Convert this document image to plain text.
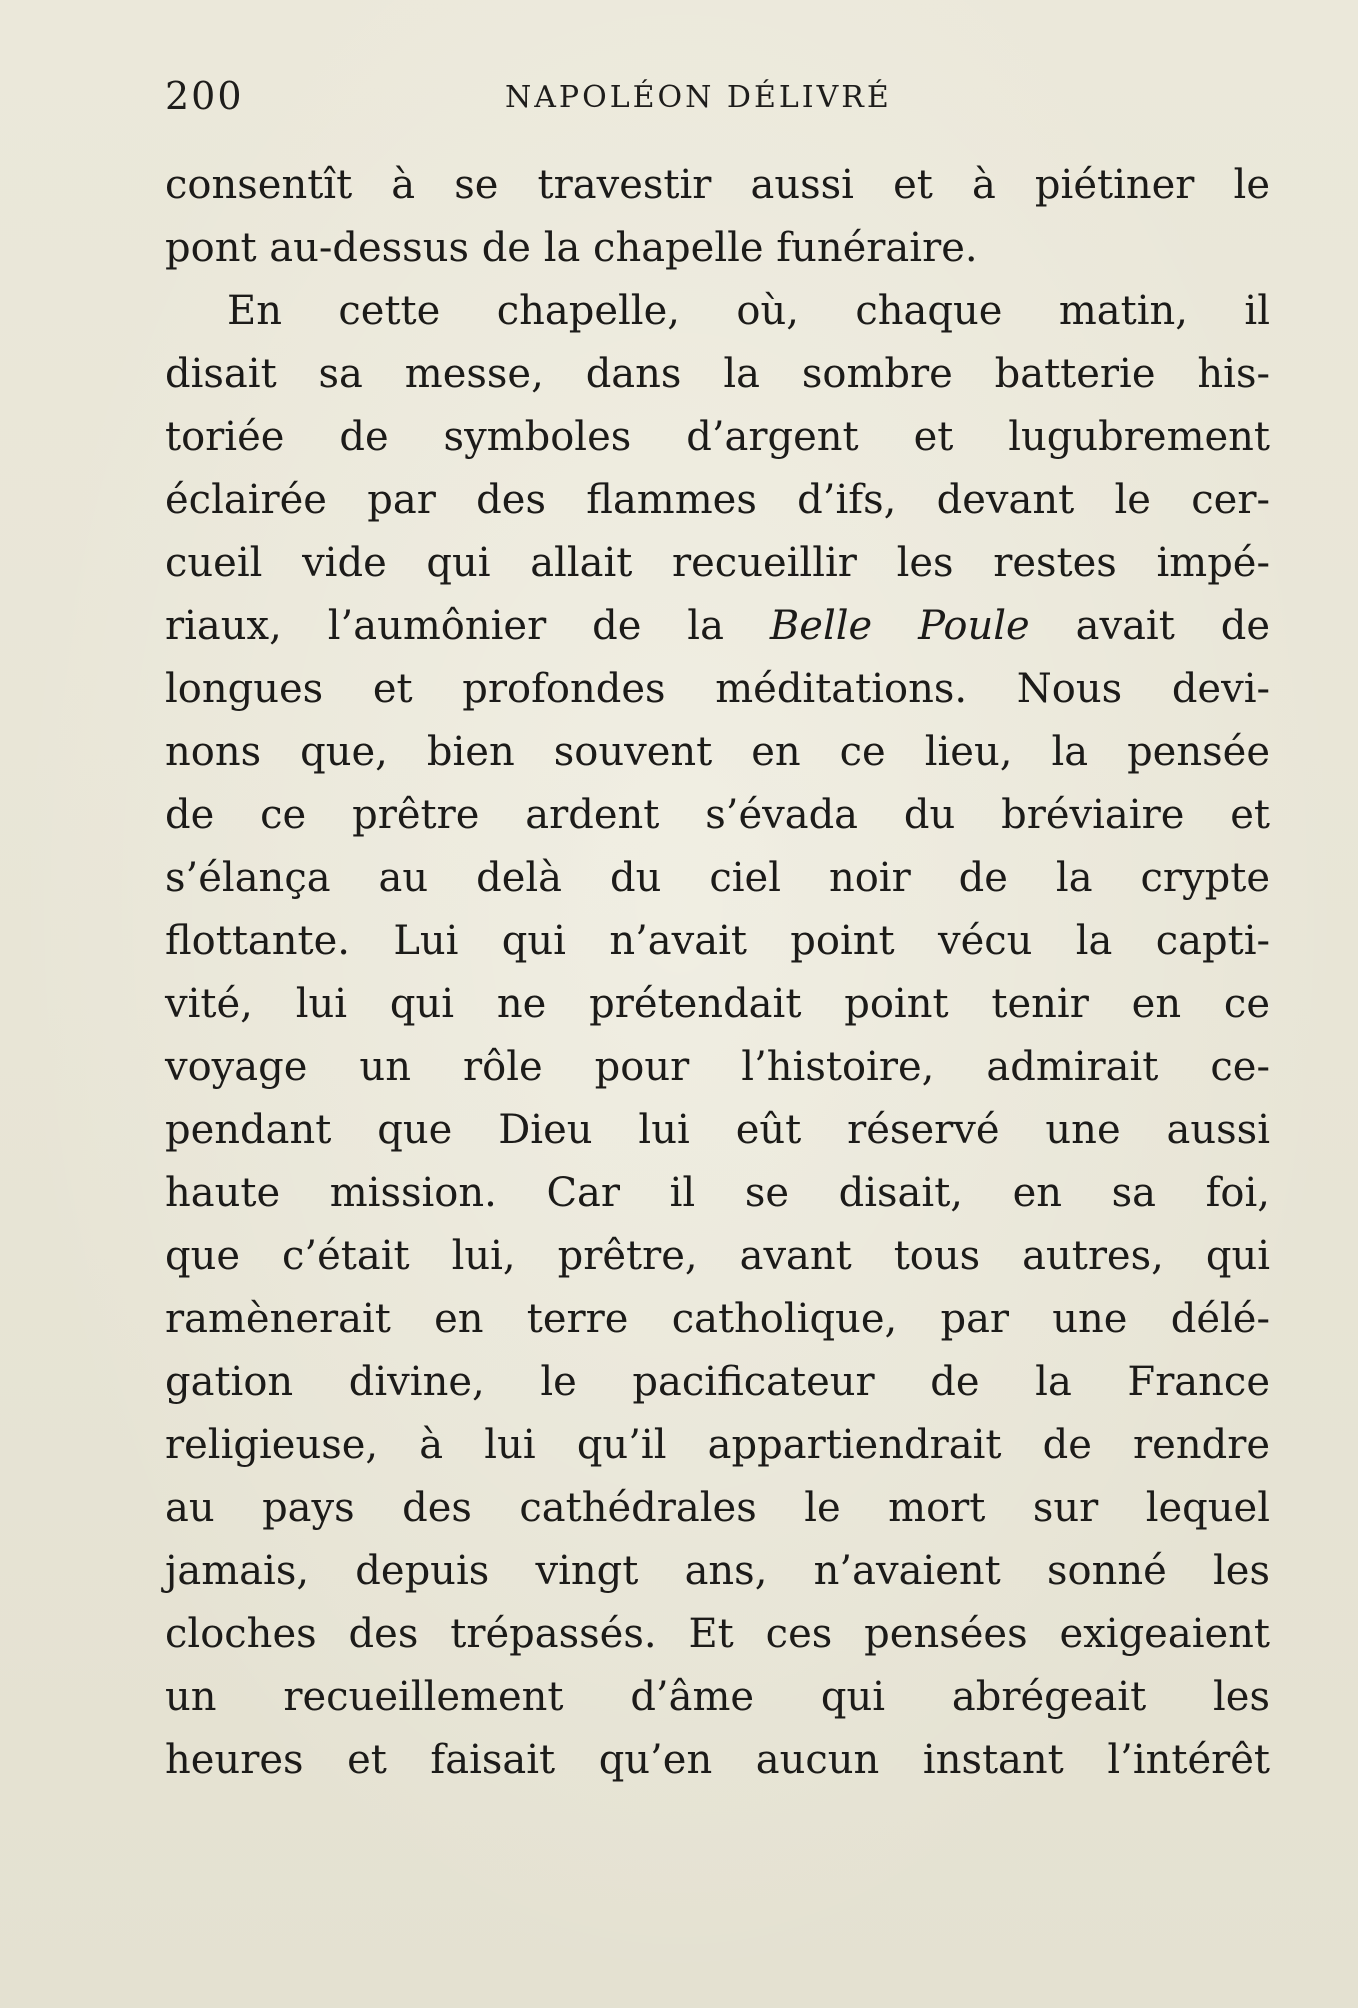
200	NAPOLÉON DÉLIVRÉ
consentît à se travestir aussi et à piétiner le
pont au-dessus de la chapelle funéraire.
En cette chapelle, où, chaque matin, il
disait sa messe, dans la sombre batterie his-
toriée de symboles d’argent et lugubrement
éclairée par des flammes d’ifs, devant le cer-
cueil vide qui allait recueillir les restes impé-
riaux, l’aumônier de la Belle Poule avait de
longues et profondes méditations. Nous devi-
nons que, bien souvent en ce lieu, la pensée
de ce prêtre ardent s’évada du bréviaire et
s’élança au delà du ciel noir de la crypte
flottante. Lui qui n’avait point vécu la capti-
vité, lui qui ne prétendait point tenir en ce
voyage un rôle pour l’histoire, admirait ce-
pendant que Dieu lui eût réservé une aussi
haute mission. Car il se disait, en sa foi,
que c’était lui, prêtre, avant tous autres, qui
ramènerait en terre catholique, par une délé-
gation divine, le pacificateur de la France
religieuse, à lui qu’il appartiendrait de rendre
au pays des cathédrales le mort sur lequel
jamais, depuis vingt ans, n’avaient sonné les
cloches des trépassés. Et ces pensées exigeaient
un recueillement d’âme qui abrégeait les
heures et faisait qu’en aucun instant l’intérêt
